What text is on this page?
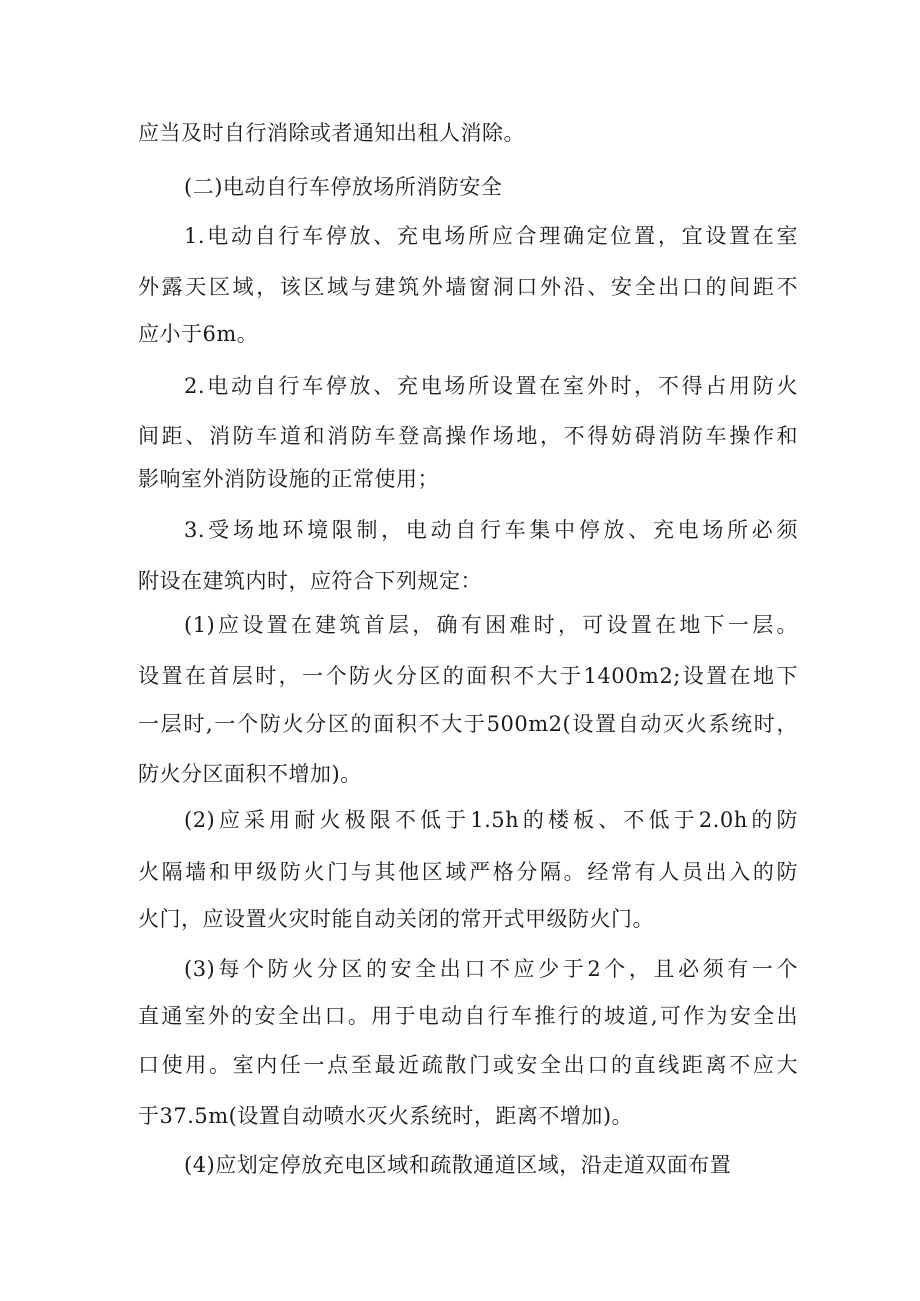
应当及时自行消除或者通知出租人消除。
(二)电动自行车停放场所消防安全
1.电动自行车停放、充电场所应合理确定位置，宜设置在室
外露天区域，该区域与建筑外墙窗洞口外沿、安全出口的间距不
应小于6m。
2.电动自行车停放、充电场所设置在室外时，不得占用防火
间距、消防车道和消防车登高操作场地，不得妨碍消防车操作和
影响室外消防设施的正常使用；
3.受场地环境限制，电动自行车集中停放、充电场所必须
附设在建筑内时，应符合下列规定：
(1)应设置在建筑首层，确有困难时，可设置在地下一层。
设置在首层时，一个防火分区的面积不大于1400m2;设置在地下
一层时,一个防火分区的面积不大于500m2(设置自动灭火系统时，
防火分区面积不增加)。
(2)应采用耐火极限不低于1.5h的楼板、不低于2.0h的防
火隔墙和甲级防火门与其他区域严格分隔。经常有人员出入的防
火门，应设置火灾时能自动关闭的常开式甲级防火门。
(3)每个防火分区的安全出口不应少于2个，且必须有一个
直通室外的安全出口。用于电动自行车推行的坡道,可作为安全出
口使用。室内任一点至最近疏散门或安全出口的直线距离不应大
于37.5m(设置自动喷水灭火系统时，距离不增加)。
(4)应划定停放充电区域和疏散通道区域，沿走道双面布置
